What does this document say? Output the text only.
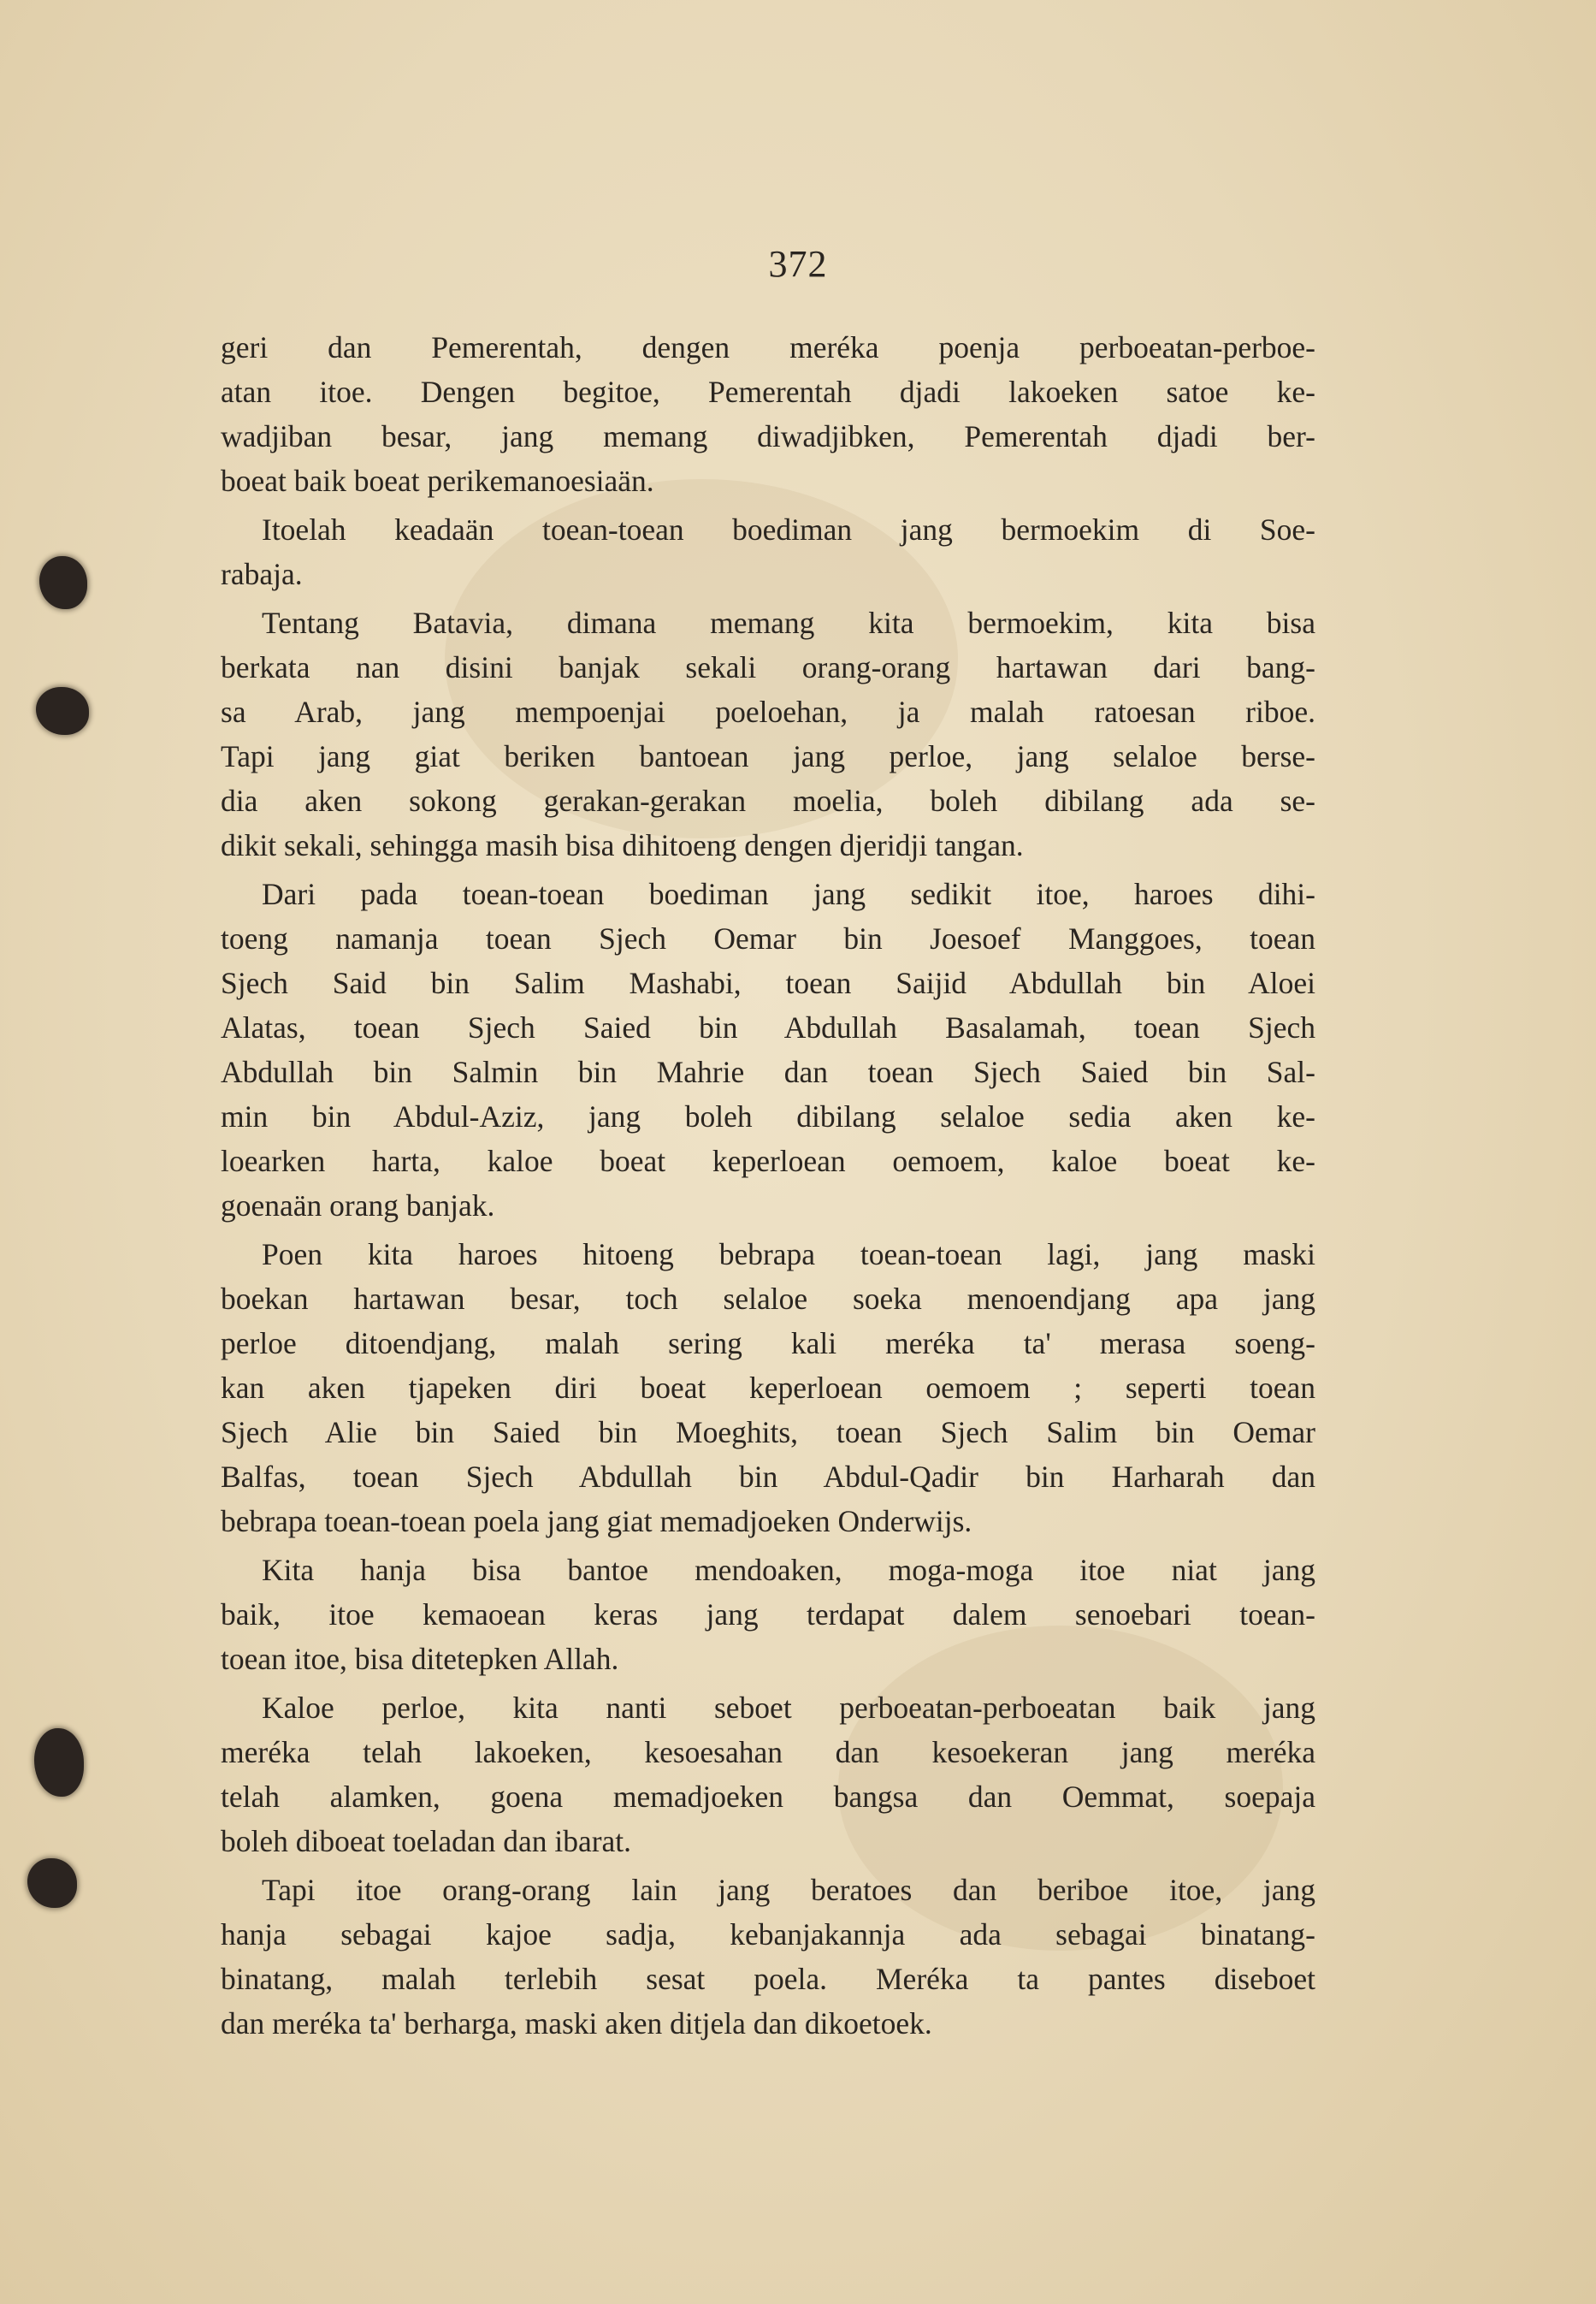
372
geri dan Pemerentah, dengen meréka poenja perboeatan-perboe-
atan itoe. Dengen begitoe, Pemerentah djadi lakoeken satoe ke-
wadjiban besar, jang memang diwadjibken, Pemerentah djadi ber-
boeat baik boeat perikemanoesiaän.
Itoelah keadaän toean-toean boediman jang bermoekim di Soe-
rabaja.
Tentang Batavia, dimana memang kita bermoekim, kita bisa
berkata nan disini banjak sekali orang-orang hartawan dari bang-
sa Arab, jang mempoenjai poeloehan, ja malah ratoesan riboe.
Tapi jang giat beriken bantoean jang perloe, jang selaloe berse-
dia aken sokong gerakan-gerakan moelia, boleh dibilang ada se-
dikit sekali, sehingga masih bisa dihitoeng dengen djeridji tangan.
Dari pada toean-toean boediman jang sedikit itoe, haroes dihi-
toeng namanja toean Sjech Oemar bin Joesoef Manggoes, toean
Sjech Said bin Salim Mashabi, toean Saijid Abdullah bin Aloei
Alatas, toean Sjech Saied bin Abdullah Basalamah, toean Sjech
Abdullah bin Salmin bin Mahrie dan toean Sjech Saied bin Sal-
min bin Abdul-Aziz, jang boleh dibilang selaloe sedia aken ke-
loearken harta, kaloe boeat keperloean oemoem, kaloe boeat ke-
goenaän orang banjak.
Poen kita haroes hitoeng bebrapa toean-toean lagi, jang maski
boekan hartawan besar, toch selaloe soeka menoendjang apa jang
perloe ditoendjang, malah sering kali meréka ta' merasa soeng-
kan aken tjapeken diri boeat keperloean oemoem ; seperti toean
Sjech Alie bin Saied bin Moeghits, toean Sjech Salim bin Oemar
Balfas, toean Sjech Abdullah bin Abdul-Qadir bin Harharah dan
bebrapa toean-toean poela jang giat memadjoeken Onderwijs.
Kita hanja bisa bantoe mendoaken, moga-moga itoe niat jang
baik, itoe kemaoean keras jang terdapat dalem senoebari toean-
toean itoe, bisa ditetepken Allah.
Kaloe perloe, kita nanti seboet perboeatan-perboeatan baik jang
meréka telah lakoeken, kesoesahan dan kesoekeran jang meréka
telah alamken, goena memadjoeken bangsa dan Oemmat, soepaja
boleh diboeat toeladan dan ibarat.
Tapi itoe orang-orang lain jang beratoes dan beriboe itoe, jang
hanja sebagai kajoe sadja, kebanjakannja ada sebagai binatang-
binatang, malah terlebih sesat poela. Meréka ta pantes diseboet
dan meréka ta' berharga, maski aken ditjela dan dikoetoek.
